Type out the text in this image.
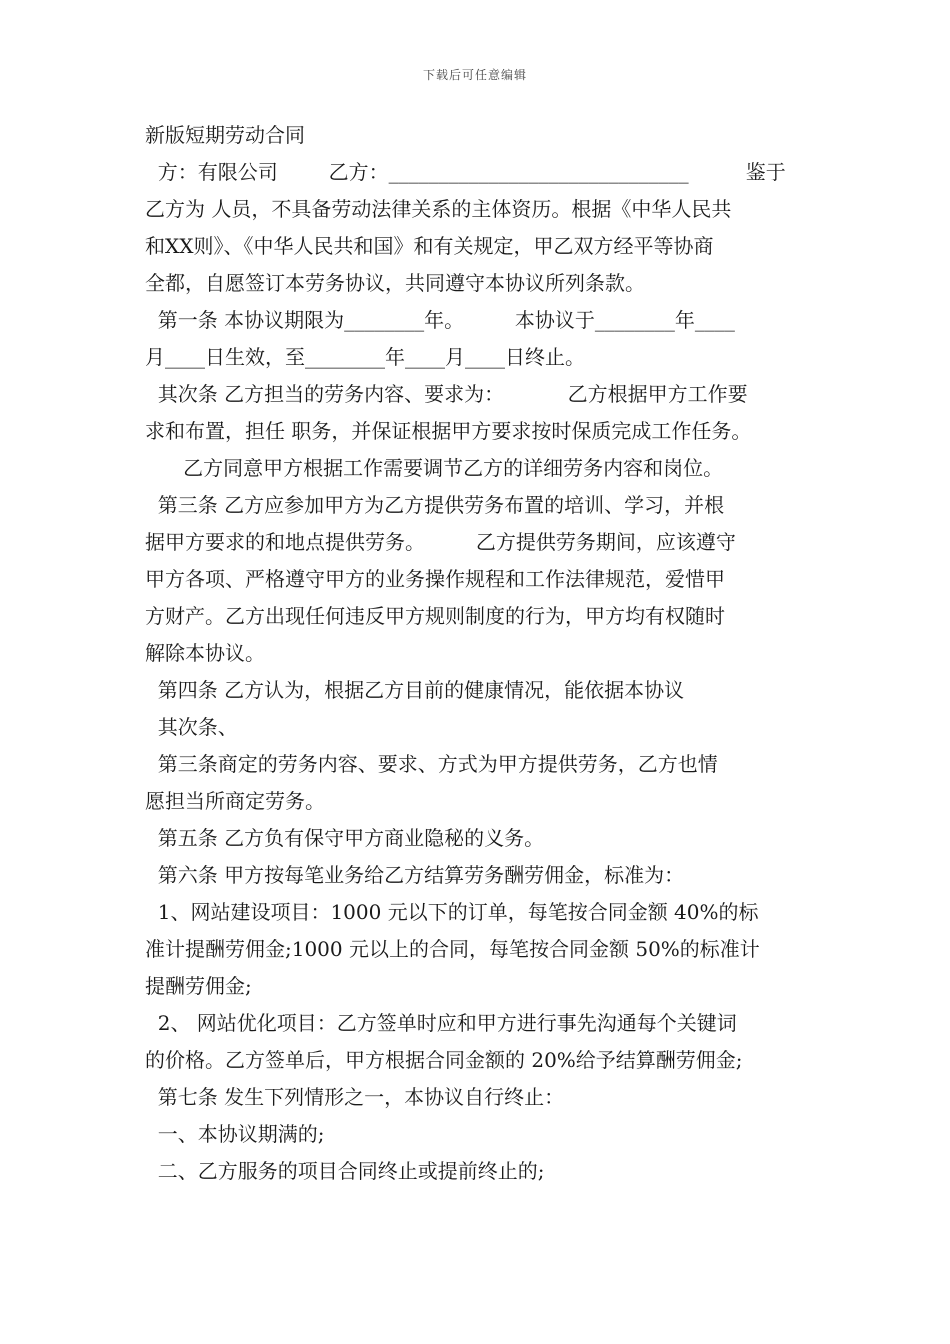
下载后可任意编辑
新版短期劳动合同
方：有限公司        乙方：______________________________         鉴于
乙方为 人员，不具备劳动法律关系的主体资历。根据《中华人民共
和XX则》、《中华人民共和国》和有关规定，甲乙双方经平等协商
全都，自愿签订本劳务协议，共同遵守本协议所列条款。
第一条 本协议期限为________年。        本协议于________年____
月____日生效，至________年____月____日终止。
其次条 乙方担当的劳务内容、要求为：          乙方根据甲方工作要
求和布置，担任 职务，并保证根据甲方要求按时保质完成工作任务。
乙方同意甲方根据工作需要调节乙方的详细劳务内容和岗位。
第三条 乙方应参加甲方为乙方提供劳务布置的培训、学习，并根
据甲方要求的和地点提供劳务。        乙方提供劳务期间，应该遵守
甲方各项、严格遵守甲方的业务操作规程和工作法律规范，爱惜甲
方财产。乙方出现任何违反甲方规则制度的行为，甲方均有权随时
解除本协议。
第四条 乙方认为，根据乙方目前的健康情况，能依据本协议
其次条、
第三条商定的劳务内容、要求、方式为甲方提供劳务，乙方也情
愿担当所商定劳务。
第五条 乙方负有保守甲方商业隐秘的义务。
第六条 甲方按每笔业务给乙方结算劳务酬劳佣金，标准为：
1、网站建设项目：1000 元以下的订单，每笔按合同金额 40%的标
准计提酬劳佣金;1000 元以上的合同，每笔按合同金额 50%的标准计
提酬劳佣金;
2、 网站优化项目：乙方签单时应和甲方进行事先沟通每个关键词
的价格。乙方签单后，甲方根据合同金额的 20%给予结算酬劳佣金;
第七条 发生下列情形之一，本协议自行终止：
一、本协议期满的;
二、乙方服务的项目合同终止或提前终止的;
